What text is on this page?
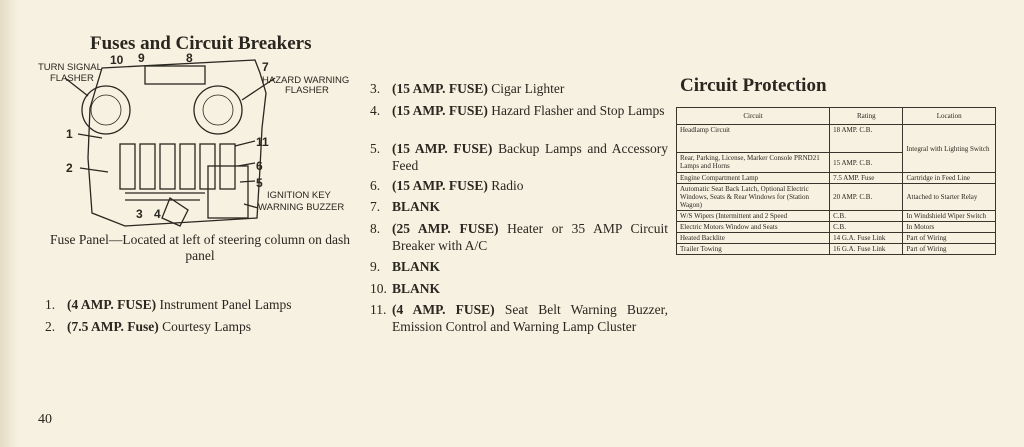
Fuses and Circuit Breakers
TURN SIGNAL
FLASHER	HAZARD WARNING
FLASHER
IGNITION KEY
WARNING BUZZER
1
2
3 4
5
6
7
8
9
10
11
Fuse Panel—Located at left of steering column on dash panel
1. (4 AMP. FUSE) Instrument Panel Lamps
2. (7.5 AMP. Fuse) Courtesy Lamps
3. (15 AMP. FUSE) Cigar Lighter
4. (15 AMP. FUSE) Hazard Flasher and Stop Lamps
5. (15 AMP. FUSE) Backup Lamps and Accessory Feed
6. (15 AMP. FUSE) Radio
7. BLANK
8. (25 AMP. FUSE) Heater or 35 AMP Circuit Breaker with A/C
9. BLANK
10. BLANK
11. (4 AMP. FUSE) Seat Belt Warning Buzzer, Emission Control and Warning Lamp Cluster
40
Circuit Protection
Circuit	Rating	Location
Headlamp Circuit	18 AMP. C.B.	Integral with Lighting Switch
Rear, Parking, License, Marker Console PRND21 Lamps and Horns	15 AMP. C.B.	
Engine Compartment Lamp	7.5 AMP. Fuse	Cartridge in Feed Line
Automatic Seat Back Latch, Optional Electric Windows, Seats & Rear Windows for (Station Wagon)	20 AMP. C.B.	Attached to Starter Relay
W/S Wipers (Intermittent and 2 Speed	C.B.	In Windshield Wiper Switch
Electric Motors Window and Seats	C.B.	In Motors
Heated Backlite	14 G.A. Fuse Link	Part of Wiring
Trailer Towing	16 G.A. Fuse Link	Part of Wiring
